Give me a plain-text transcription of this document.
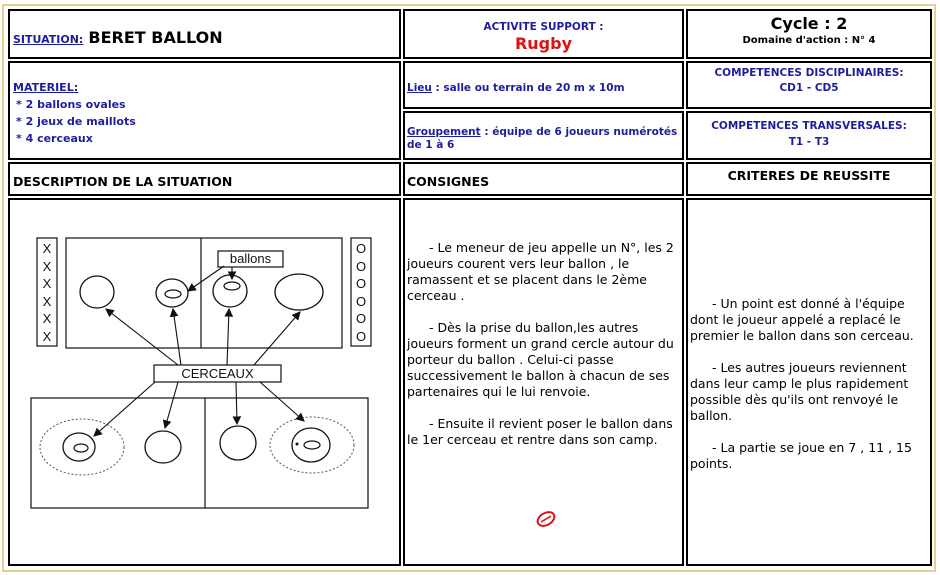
SITUATION: BERET BALLON
ACTIVITE SUPPORT :
Rugby
Cycle : 2
Domaine d'action : N° 4
MATERIEL:
* 2 ballons ovales
* 2 jeux de maillots
* 4 cerceaux
Lieu : salle ou terrain de 20 m x 10m
Groupement : équipe de 6 joueurs numérotés de 1 à 6
COMPETENCES DISCIPLINAIRES:
CD1 - CD5
COMPETENCES TRANSVERSALES:
T1 - T3
DESCRIPTION DE LA SITUATION	CONSIGNES	CRITERES DE REUSSITE
ballons
CERCEAUX
X
X
X
X
X
X
O
O
O
O
O
O

- Le meneur de jeu appelle un N°, les 2 joueurs courent vers leur ballon , le ramassent et se placent dans le 2ème cerceau .

- Dès la prise du ballon,les autres joueurs forment un grand cercle autour du porteur du ballon . Celui-ci passe successivement le ballon à chacun de ses partenaires qui le lui renvoie.

- Ensuite il revient poser le ballon dans le 1er cerceau et rentre dans son camp.

- Un point est donné à l'équipe dont le joueur appelé a replacé le premier le ballon dans son cerceau.

- Les autres joueurs reviennent dans leur camp le plus rapidement possible dès qu'ils ont renvoyé le ballon.

- La partie se joue en 7 , 11 , 15 points.
